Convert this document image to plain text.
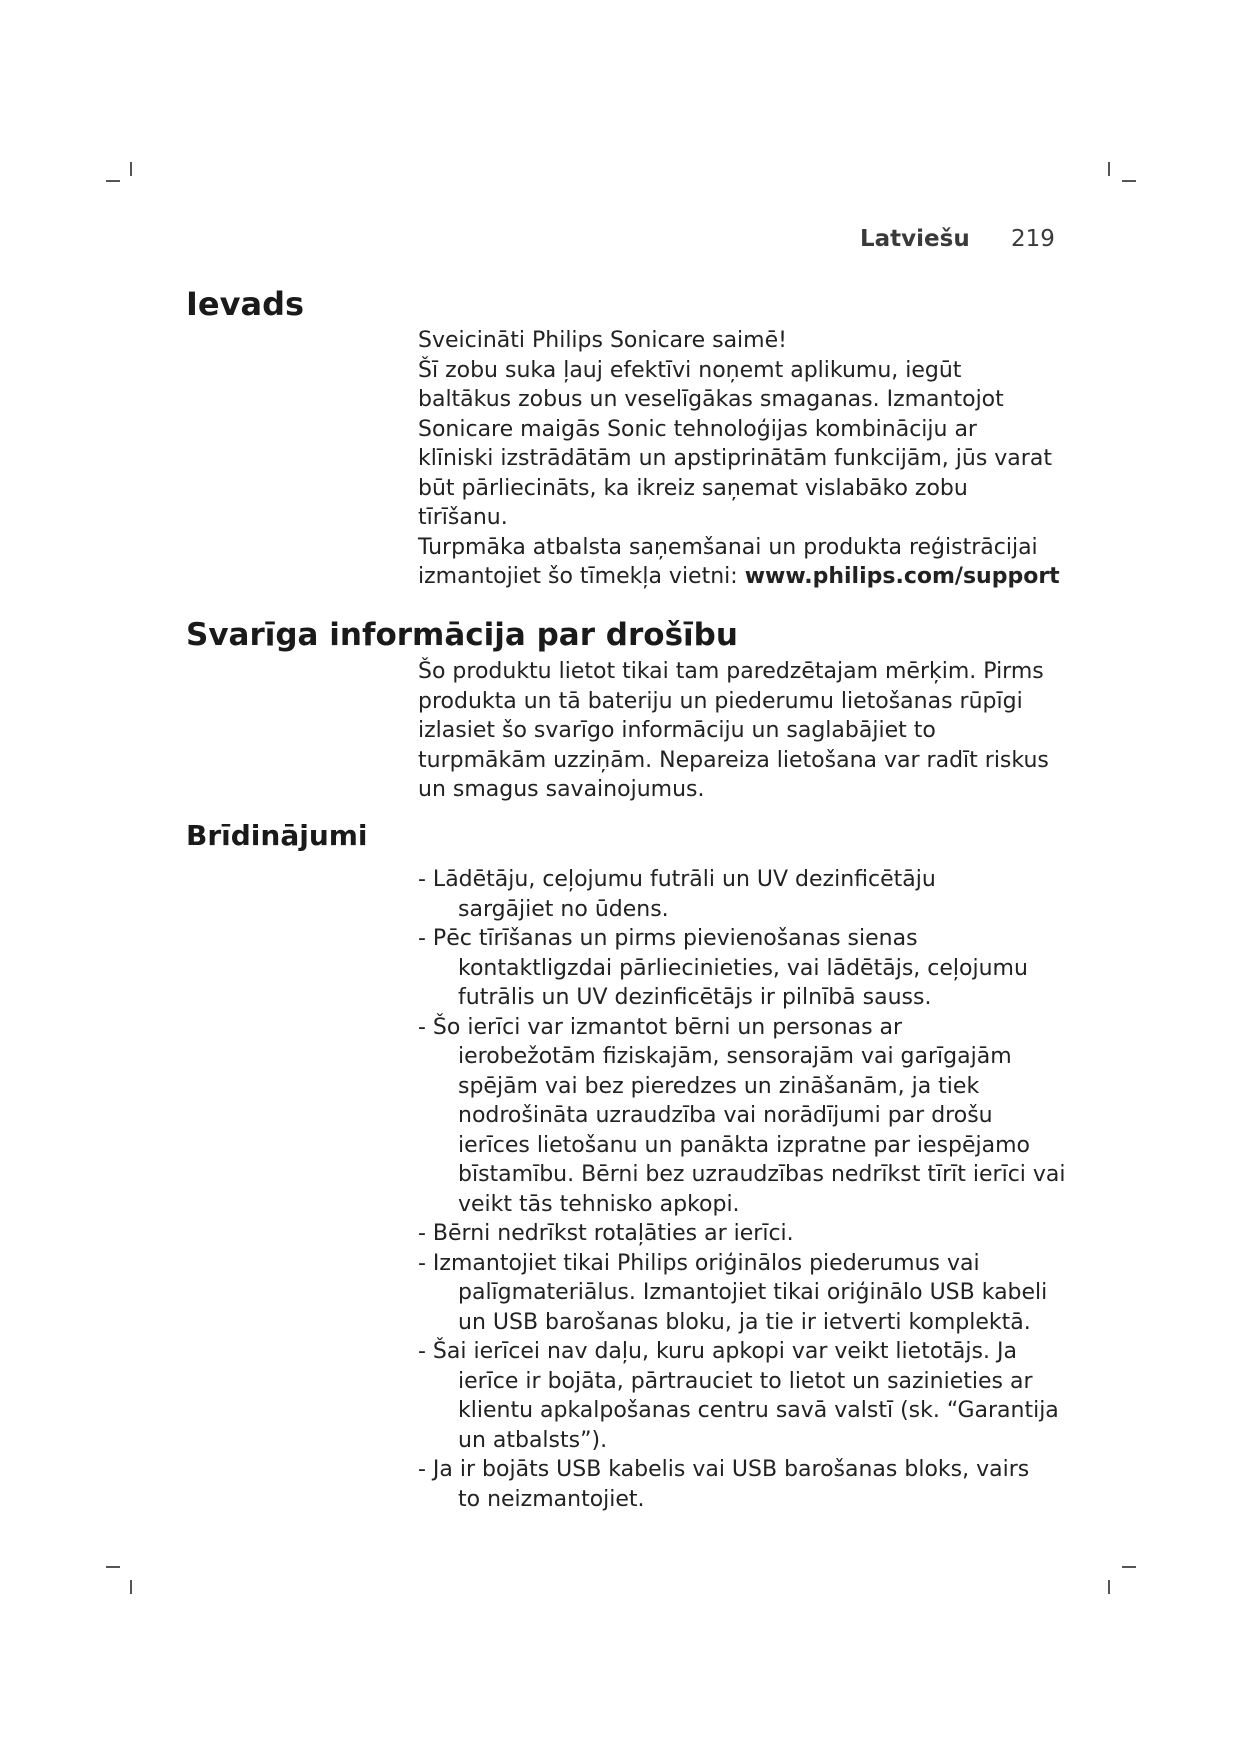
Latviešu 219
Ievads
Sveicināti Philips Sonicare saimē!
Šī zobu suka ļauj efektīvi noņemt aplikumu, iegūt
baltākus zobus un veselīgākas smaganas. Izmantojot
Sonicare maigās Sonic tehnoloģijas kombināciju ar
klīniski izstrādātām un apstiprinātām funkcijām, jūs varat
būt pārliecināts, ka ikreiz saņemat vislabāko zobu
tīrīšanu.
Turpmāka atbalsta saņemšanai un produkta reģistrācijai
izmantojiet šo tīmekļa vietni: www.philips.com/support
Svarīga informācija par drošību
Šo produktu lietot tikai tam paredzētajam mērķim. Pirms
produkta un tā bateriju un piederumu lietošanas rūpīgi
izlasiet šo svarīgo informāciju un saglabājiet to
turpmākām uzziņām. Nepareiza lietošana var radīt riskus
un smagus savainojumus.
Brīdinājumi
- Lādētāju, ceļojumu futrāli un UV dezinficētāju
sargājiet no ūdens.
- Pēc tīrīšanas un pirms pievienošanas sienas
kontaktligzdai pārliecinieties, vai lādētājs, ceļojumu
futrālis un UV dezinficētājs ir pilnībā sauss.
- Šo ierīci var izmantot bērni un personas ar
ierobežotām fiziskajām, sensorajām vai garīgajām
spējām vai bez pieredzes un zināšanām, ja tiek
nodrošināta uzraudzība vai norādījumi par drošu
ierīces lietošanu un panākta izpratne par iespējamo
bīstamību. Bērni bez uzraudzības nedrīkst tīrīt ierīci vai
veikt tās tehnisko apkopi.
- Bērni nedrīkst rotaļāties ar ierīci.
- Izmantojiet tikai Philips oriģinālos piederumus vai
palīgmateriālus. Izmantojiet tikai oriģinālo USB kabeli
un USB barošanas bloku, ja tie ir ietverti komplektā.
- Šai ierīcei nav daļu, kuru apkopi var veikt lietotājs. Ja
ierīce ir bojāta, pārtrauciet to lietot un sazinieties ar
klientu apkalpošanas centru savā valstī (sk. “Garantija
un atbalsts”).
- Ja ir bojāts USB kabelis vai USB barošanas bloks, vairs
to neizmantojiet.
